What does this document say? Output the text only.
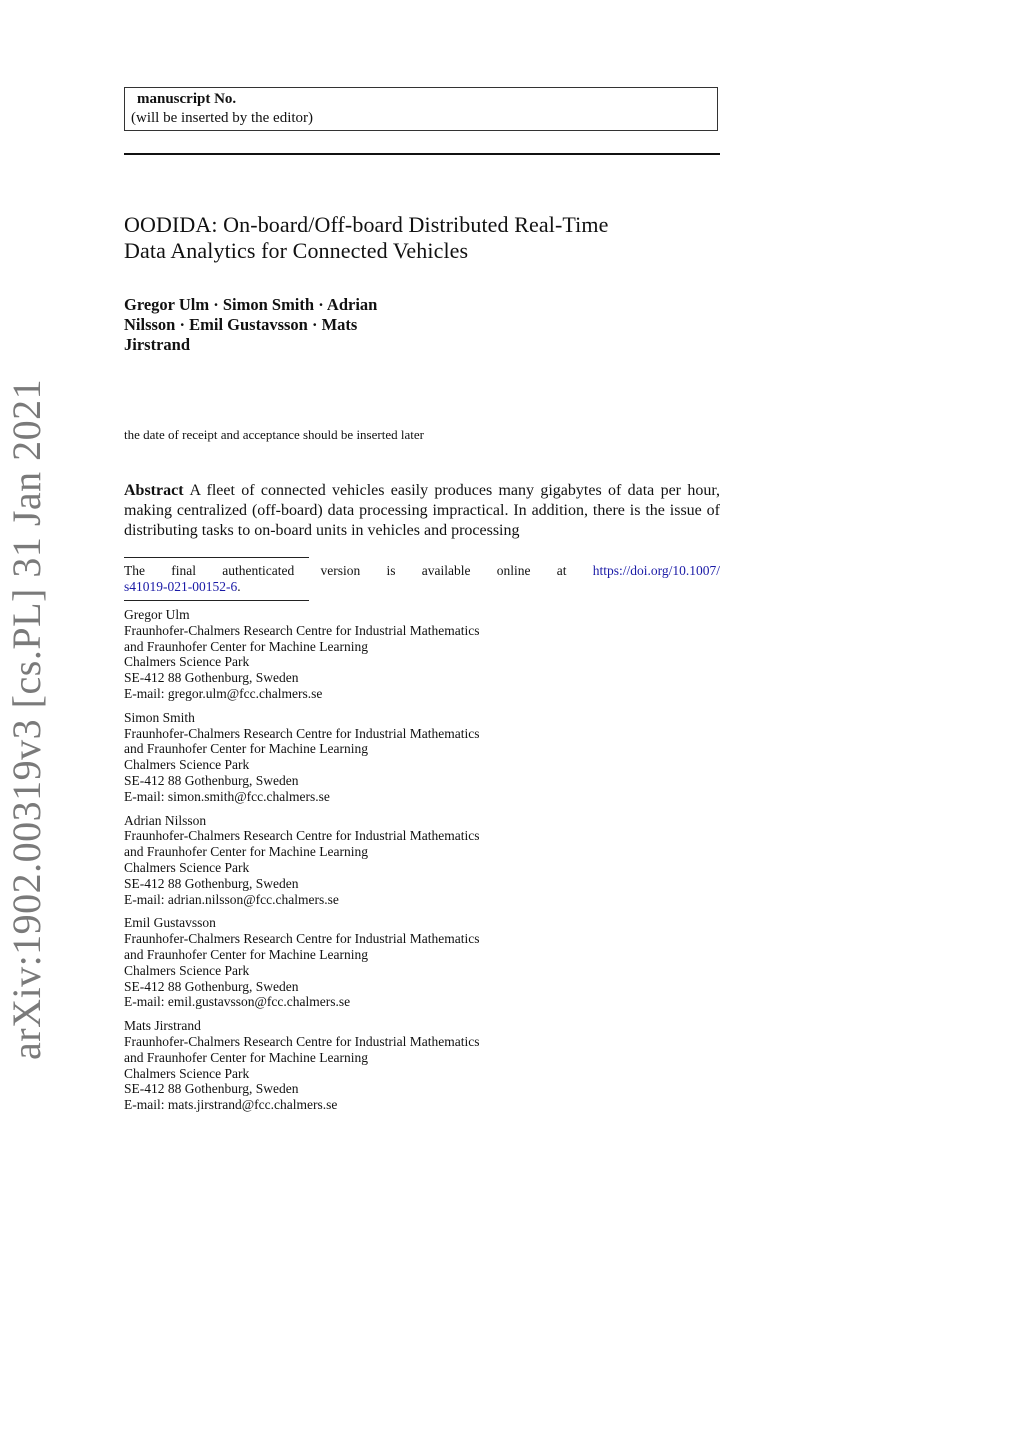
arXiv:1902.00319v3 [cs.PL] 31 Jan 2021
manuscript No.
(will be inserted by the editor)
OODIDA: On-board/Off-board Distributed Real-Time
Data Analytics for Connected Vehicles
Gregor Ulm · Simon Smith · Adrian
Nilsson · Emil Gustavsson · Mats
Jirstrand
the date of receipt and acceptance should be inserted later
Abstract A fleet of connected vehicles easily produces many gigabytes of data per hour, making centralized (off-board) data processing impractical. In addition, there is the issue of distributing tasks to on-board units in vehicles and processing
The final authenticated version is available online at https://doi.org/10.1007/
s41019-021-00152-6.
Gregor Ulm
Fraunhofer-Chalmers Research Centre for Industrial Mathematics
and Fraunhofer Center for Machine Learning
Chalmers Science Park
SE-412 88 Gothenburg, Sweden
E-mail: gregor.ulm@fcc.chalmers.se
Simon Smith
Fraunhofer-Chalmers Research Centre for Industrial Mathematics
and Fraunhofer Center for Machine Learning
Chalmers Science Park
SE-412 88 Gothenburg, Sweden
E-mail: simon.smith@fcc.chalmers.se
Adrian Nilsson
Fraunhofer-Chalmers Research Centre for Industrial Mathematics
and Fraunhofer Center for Machine Learning
Chalmers Science Park
SE-412 88 Gothenburg, Sweden
E-mail: adrian.nilsson@fcc.chalmers.se
Emil Gustavsson
Fraunhofer-Chalmers Research Centre for Industrial Mathematics
and Fraunhofer Center for Machine Learning
Chalmers Science Park
SE-412 88 Gothenburg, Sweden
E-mail: emil.gustavsson@fcc.chalmers.se
Mats Jirstrand
Fraunhofer-Chalmers Research Centre for Industrial Mathematics
and Fraunhofer Center for Machine Learning
Chalmers Science Park
SE-412 88 Gothenburg, Sweden
E-mail: mats.jirstrand@fcc.chalmers.se
